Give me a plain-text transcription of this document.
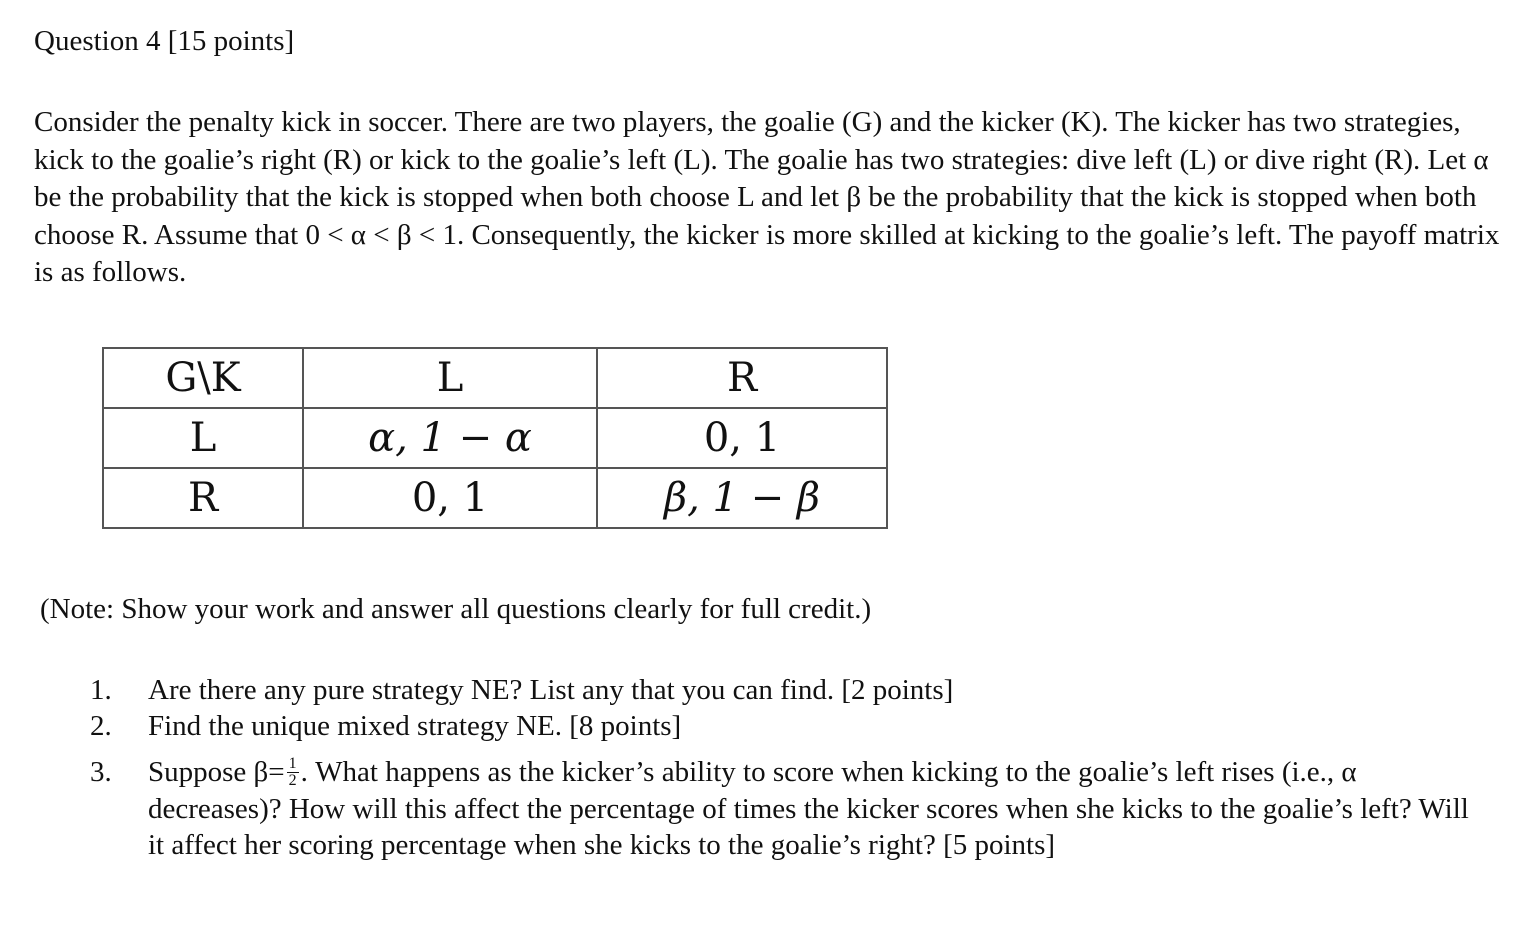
Question 4 [15 points]
Consider the penalty kick in soccer. There are two players, the goalie (G) and the kicker (K). The kicker has two strategies, kick to the goalie’s right (R) or kick to the goalie’s left (L). The goalie has two strategies: dive left (L) or dive right (R). Let α be the probability that the kick is stopped when both choose L and let β be the probability that the kick is stopped when both choose R. Assume that 0 < α < β < 1. Consequently, the kicker is more skilled at kicking to the goalie’s left. The payoff matrix is as follows.
G\K	L	R
L	α, 1 − α	0, 1
R	0, 1	β, 1 − β
(Note: Show your work and answer all questions clearly for full credit.)
1.	Are there any pure strategy NE? List any that you can find. [2 points]
2.	Find the unique mixed strategy NE. [8 points]
3.	Suppose $\beta= \frac{1}{2}$ . What happens as the kicker’s ability to score when kicking to the goalie’s left rises (i.e., α decreases)? How will this affect the percentage of times the kicker scores when she kicks to the goalie’s left? Will it affect her scoring percentage when she kicks to the goalie’s right? [5 points]
